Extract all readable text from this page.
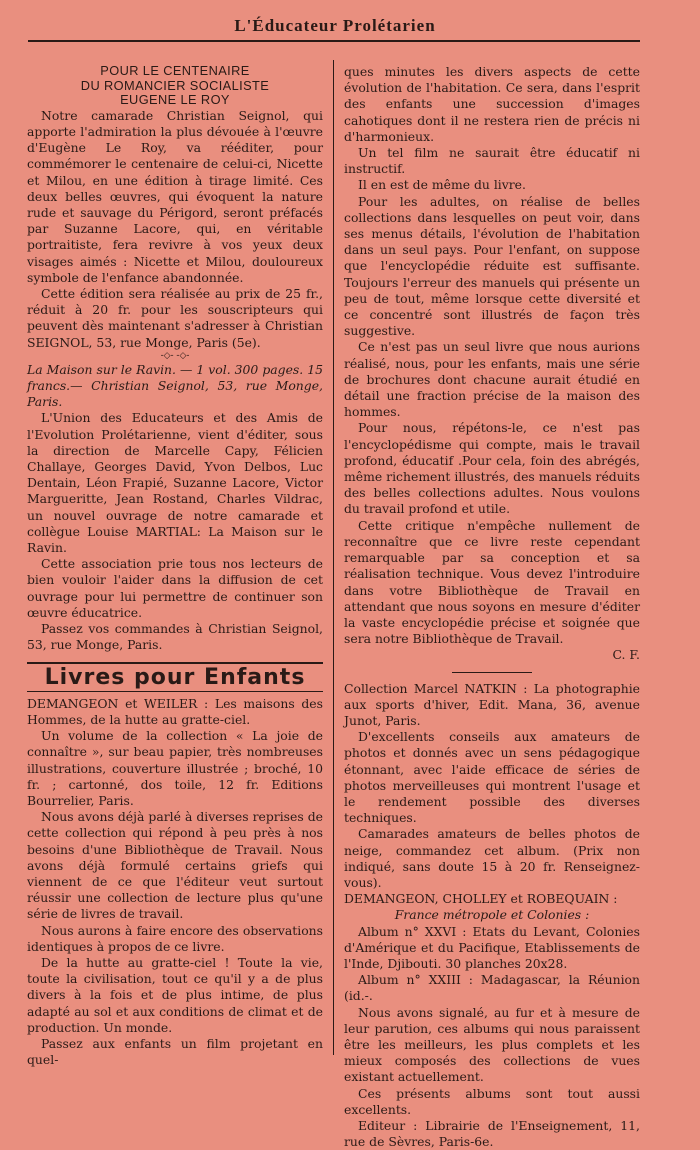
L'Éducateur Prolétarien
POUR LE CENTENAIRE
DU ROMANCIER SOCIALISTE
EUGENE LE ROY

Notre camarade Christian Seignol, qui apporte l'admiration la plus dévouée à l'œuvre d'Eugène Le Roy, va rééditer, pour commémorer le centenaire de celui-ci, Nicette et Milou, en une édition à tirage limité. Ces deux belles œuvres, qui évoquent la nature rude et sauvage du Périgord, seront préfacés par Suzanne Lacore, qui, en véritable portraitiste, fera revivre à vos yeux deux visages aimés : Nicette et Milou, douloureux symbole de l'enfance abandonnée.

Cette édition sera réalisée au prix de 25 fr., réduit à 20 fr. pour les souscripteurs qui peuvent dès maintenant s'adresser à Christian SEIGNOL, 53, rue Monge, Paris (5e).

-◇- -◇-

La Maison sur le Ravin. — 1 vol. 300 pages. 15 francs.— Christian Seignol, 53, rue Monge, Paris.

L'Union des Educateurs et des Amis de l'Evolution Prolétarienne, vient d'éditer, sous la direction de Marcelle Capy, Félicien Challaye, Georges David, Yvon Delbos, Luc Dentain, Léon Frapié, Suzanne Lacore, Victor Margueritte, Jean Rostand, Charles Vildrac, un nouvel ouvrage de notre camarade et collègue Louise MARTIAL: La Maison sur le Ravin.

Cette association prie tous nos lecteurs de bien vouloir l'aider dans la diffusion de cet ouvrage pour lui permettre de continuer son œuvre éducatrice.

Passez vos commandes à Christian Seignol, 53, rue Monge, Paris.

Livres pour Enfants

DEMANGEON et WEILER : Les maisons des Hommes, de la hutte au gratte-ciel.

Un volume de la collection « La joie de connaître », sur beau papier, très nombreuses illustrations, couverture illustrée ; broché, 10 fr. ; cartonné, dos toile, 12 fr. Editions Bourrelier, Paris.

Nous avons déjà parlé à diverses reprises de cette collection qui répond à peu près à nos besoins d'une Bibliothèque de Travail. Nous avons déjà formulé certains griefs qui viennent de ce que l'éditeur veut surtout réussir une collection de lecture plus qu'une série de livres de travail.

Nous aurons à faire encore des observations identiques à propos de ce livre.

De la hutte au gratte-ciel ! Toute la vie, toute la civilisation, tout ce qu'il y a de plus divers à la fois et de plus intime, de plus adapté au sol et aux conditions de climat et de production. Un monde.

Passez aux enfants un film projetant en quel-

ques minutes les divers aspects de cette évolution de l'habitation. Ce sera, dans l'esprit des enfants une succession d'images cahotiques dont il ne restera rien de précis ni d'harmonieux.

Un tel film ne saurait être éducatif ni instructif.

Il en est de même du livre.

Pour les adultes, on réalise de belles collections dans lesquelles on peut voir, dans ses menus détails, l'évolution de l'habitation dans un seul pays. Pour l'enfant, on suppose que l'encyclopédie réduite est suffisante. Toujours l'erreur des manuels qui présente un peu de tout, même lorsque cette diversité et ce concentré sont illustrés de façon très suggestive.

Ce n'est pas un seul livre que nous aurions réalisé, nous, pour les enfants, mais une série de brochures dont chacune aurait étudié en détail une fraction précise de la maison des hommes.

Pour nous, répétons-le, ce n'est pas l'encyclopédisme qui compte, mais le travail profond, éducatif .Pour cela, foin des abrégés, même richement illustrés, des manuels réduits des belles collections adultes. Nous voulons du travail profond et utile.

Cette critique n'empêche nullement de reconnaître que ce livre reste cependant remarquable par sa conception et sa réalisation technique. Vous devez l'introduire dans votre Bibliothèque de Travail en attendant que nous soyons en mesure d'éditer la vaste encyclopédie précise et soignée que sera notre Bibliothèque de Travail.

C. F.

Collection Marcel NATKIN : La photographie aux sports d'hiver, Edit. Mana, 36, avenue Junot, Paris.

D'excellents conseils aux amateurs de photos et donnés avec un sens pédagogique étonnant, avec l'aide efficace de séries de photos merveilleuses qui montrent l'usage et le rendement possible des diverses techniques.

Camarades amateurs de belles photos de neige, commandez cet album. (Prix non indiqué, sans doute 15 à 20 fr. Renseignez-vous).

DEMANGEON, CHOLLEY et ROBEQUAIN :

France métropole et Colonies :

Album n° XXVI : Etats du Levant, Colonies d'Amérique et du Pacifique, Etablissements de l'Inde, Djibouti. 30 planches 20x28.

Album n° XXIII : Madagascar, la Réunion (id.-.

Nous avons signalé, au fur et à mesure de leur parution, ces albums qui nous paraissent être les meilleurs, les plus complets et les mieux composés des collections de vues existant actuellement.

Ces présents albums sont tout aussi excellents.

Editeur : Librairie de l'Enseignement, 11, rue de Sèvres, Paris-6e.
